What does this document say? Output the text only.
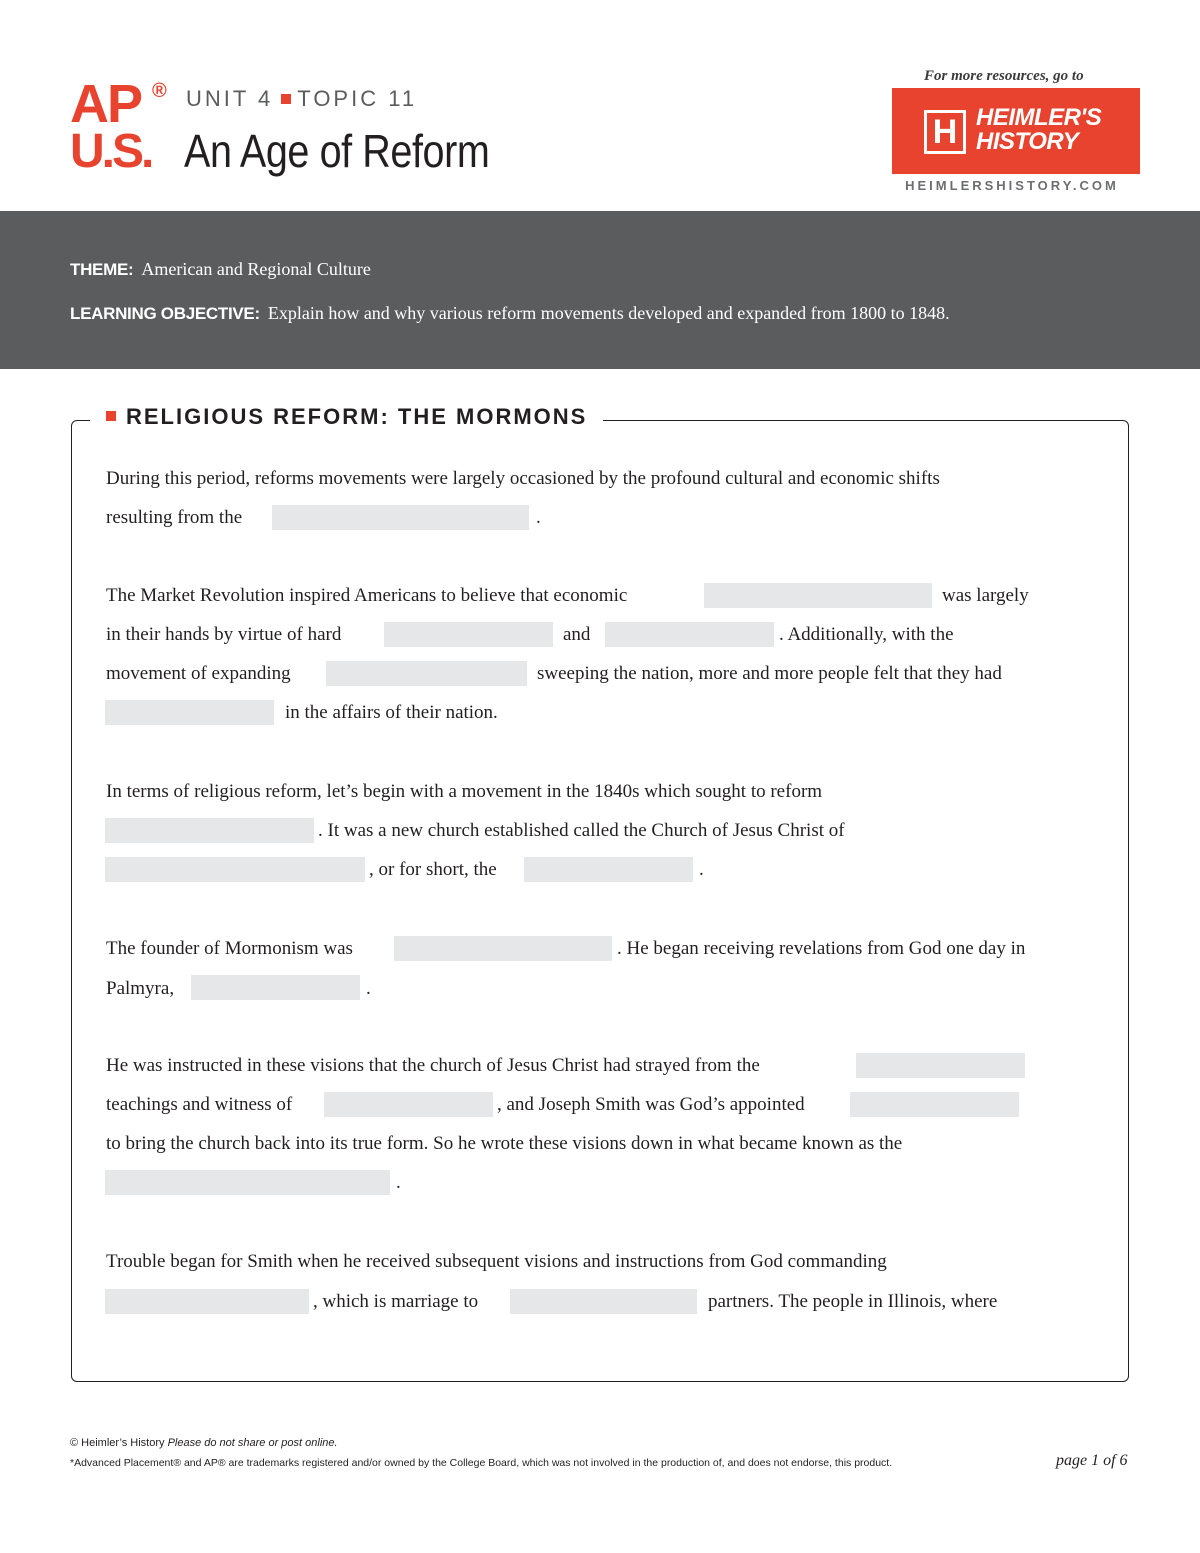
AP ®
U.S.
UNIT 4 TOPIC 11
An Age of Reform
For more resources, go to
H HEIMLER'S
HISTORY
HEIMLERSHISTORY.COM
THEME: American and Regional Culture
LEARNING OBJECTIVE: Explain how and why various reform movements developed and expanded from 1800 to 1848.
RELIGIOUS REFORM: THE MORMONS
During this period, reforms movements were largely occasioned by the profound cultural and economic shifts
resulting from the	.
The Market Revolution inspired Americans to believe that economic	was largely
in their hands by virtue of hard	and	. Additionally, with the
movement of expanding	sweeping the nation, more and more people felt that they had
in the affairs of their nation.
In terms of religious reform, let’s begin with a movement in the 1840s which sought to reform
. It was a new church established called the Church of Jesus Christ of
, or for short, the	.
The founder of Mormonism was	. He began receiving revelations from God one day in
Palmyra,	.
He was instructed in these visions that the church of Jesus Christ had strayed from the
teachings and witness of	, and Joseph Smith was God’s appointed
to bring the church back into its true form. So he wrote these visions down in what became known as the
.
Trouble began for Smith when he received subsequent visions and instructions from God commanding
, which is marriage to	partners. The people in Illinois, where
© Heimler’s History Please do not share or post online.
*Advanced Placement® and AP® are trademarks registered and/or owned by the College Board, which was not involved in the production of, and does not endorse, this product.	page 1 of 6
